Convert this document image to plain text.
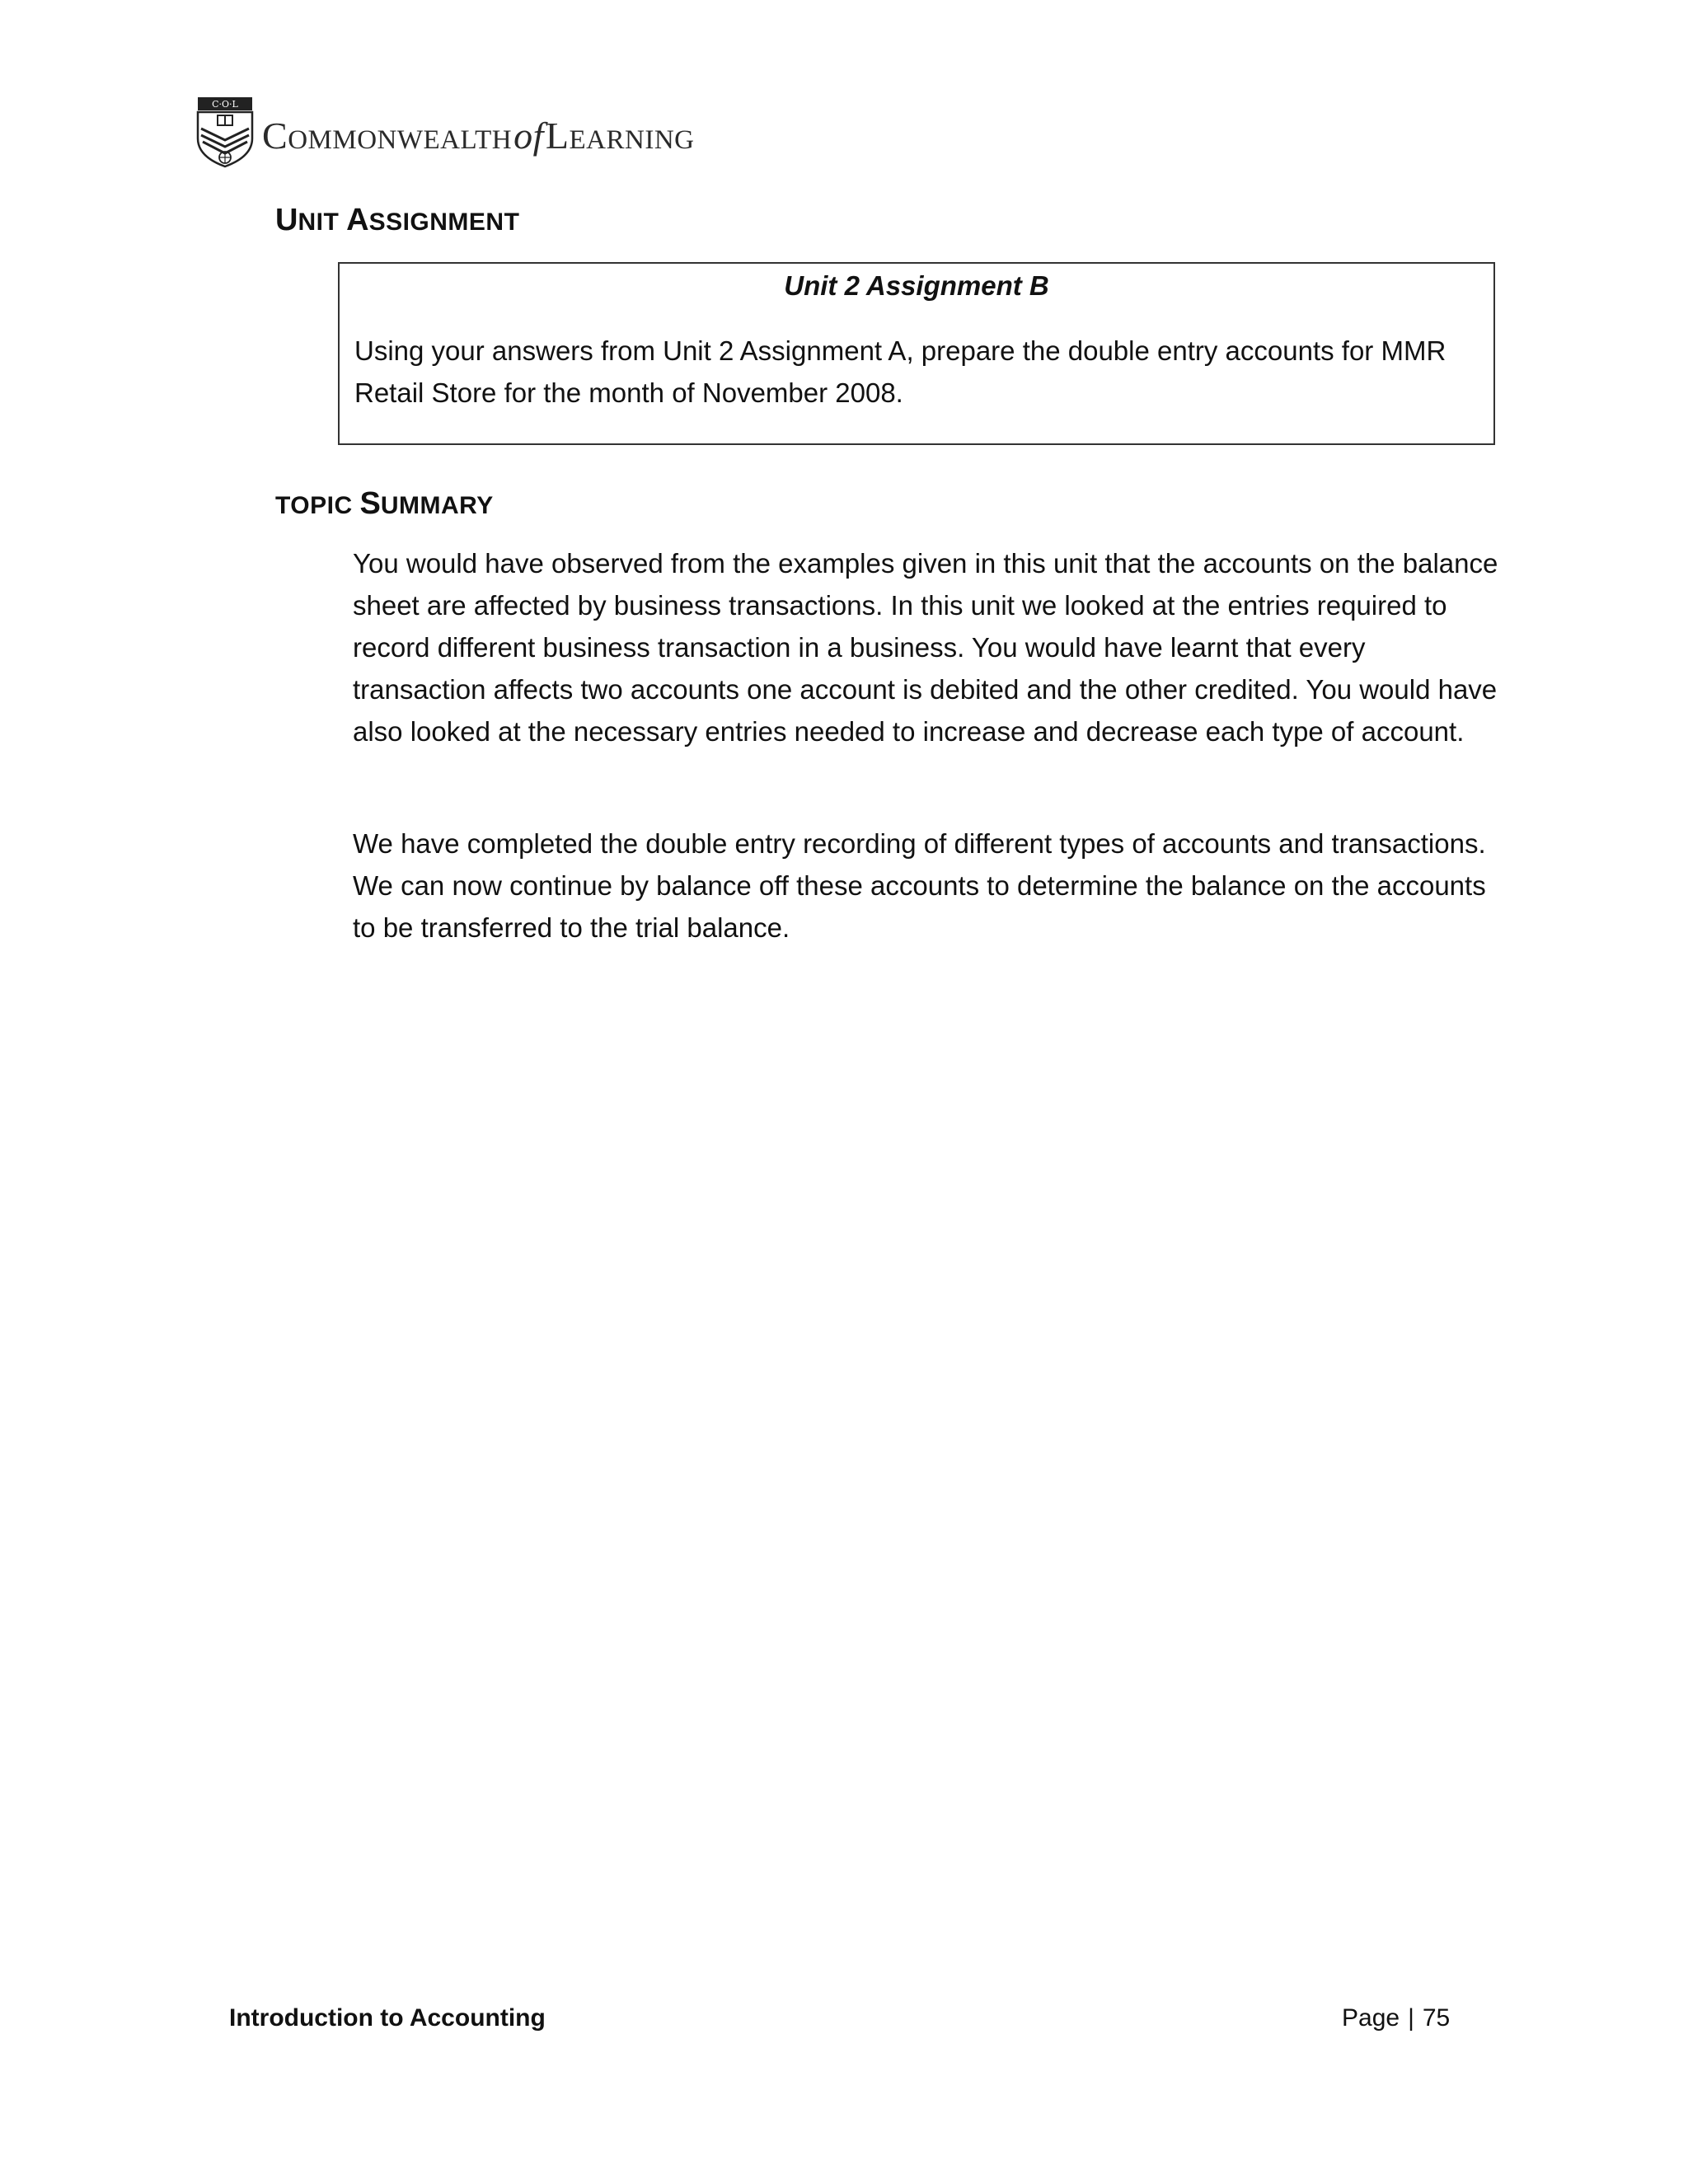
C·O·L
COMMONWEALTHofLEARNING
UNIT ASSIGNMENT
Unit 2 Assignment B
Using your answers from Unit 2 Assignment A, prepare the double entry accounts for MMR Retail Store for the month of November 2008.
TOPIC SUMMARY

You would have observed from the examples given in this unit that the accounts on the balance sheet are affected by business transactions. In this unit we looked at the entries required to record different business transaction in a business. You would have learnt that every transaction affects two accounts one account is debited and the other credited. You would have also looked at the necessary entries needed to increase and decrease each type of account.

We have completed the double entry recording of different types of accounts and transactions. We can now continue by balance off these accounts to determine the balance on the accounts to be transferred to the trial balance.

Introduction to Accounting	Page | 75
